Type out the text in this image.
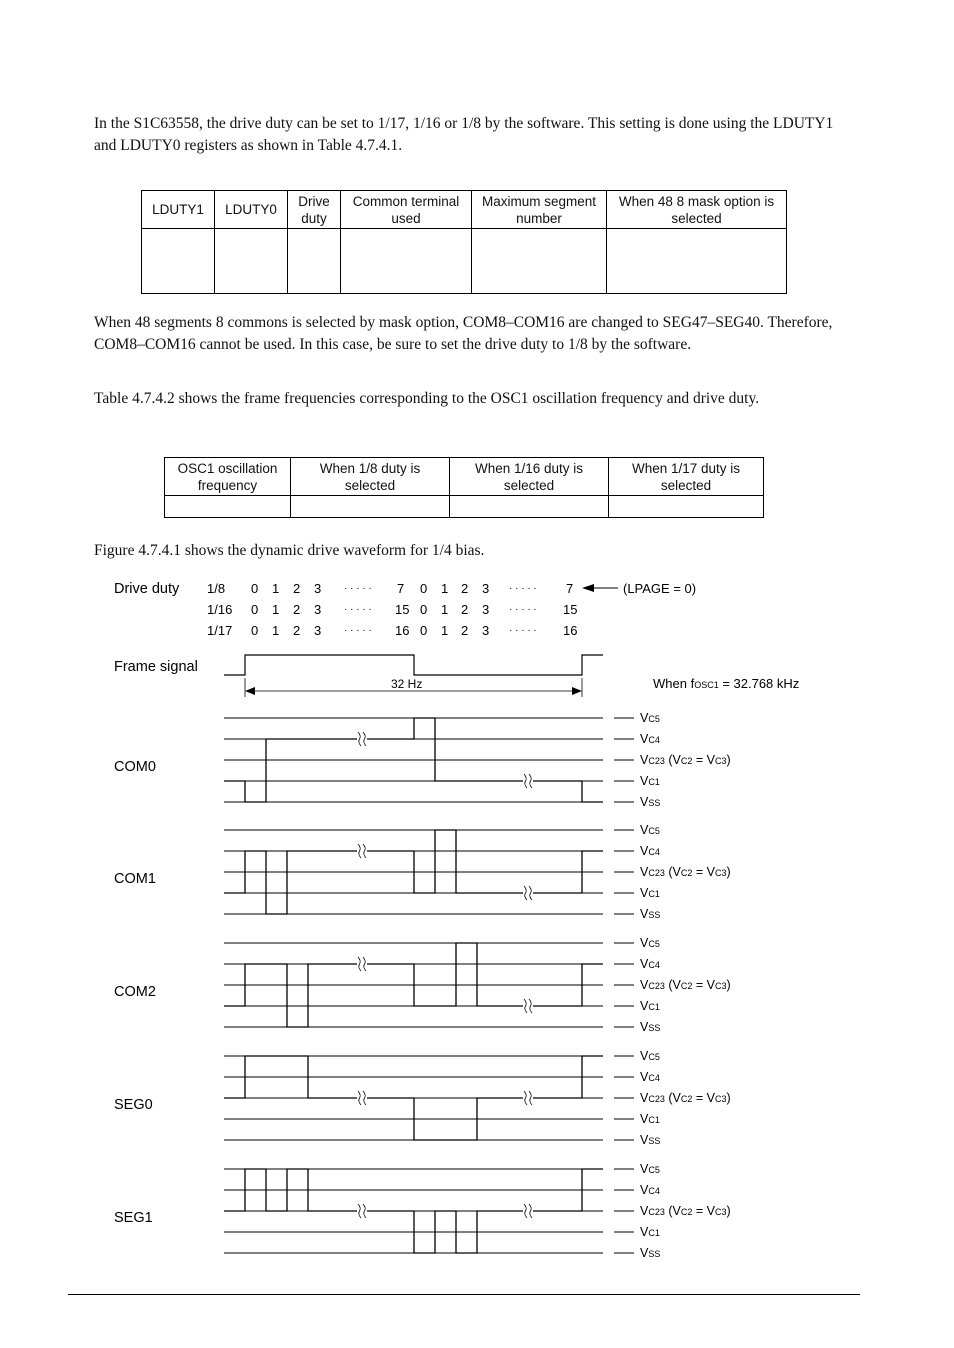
In the S1C63558, the drive duty can be set to 1/17, 1/16 or 1/8 by the software. This setting is done using the LDUTY1 and LDUTY0 registers as shown in Table 4.7.4.1.

LDUTY1	LDUTY0	Drive duty	Common terminal used	Maximum segment number	When 48 8 mask option is selected

When 48 segments 8 commons is selected by mask option, COM8–COM16 are changed to SEG47–SEG40. Therefore, COM8–COM16 cannot be used. In this case, be sure to set the drive duty to 1/8 by the software.

Table 4.7.4.2 shows the frame frequencies corresponding to the OSC1 oscillation frequency and drive duty.

OSC1 oscillation frequency	When 1/8 duty is selected	When 1/16 duty is selected	When 1/17 duty is selected

Figure 4.7.4.1 shows the dynamic drive waveform for 1/4 bias.

Drive duty 1/8 0 1 2 3 · · · · · 7 0 1 2 3 · · · · · 7
1/16 0 1 2 3 · · · · · 15 0 1 2 3 · · · · · 15
1/17 0 1 2 3 · · · · · 16 0 1 2 3 · · · · · 16
(LPAGE = 0)
Frame signal
32 Hz	When fOSC1 = 32.768 kHz
COM0
VC5
VC4
VC23 (VC2 = VC3)
VC1
VSS
COM1
VC5
VC4
VC23 (VC2 = VC3)
VC1
VSS
COM2
VC5
VC4
VC23 (VC2 = VC3)
VC1
VSS
SEG0
VC5
VC4
VC23 (VC2 = VC3)
VC1
VSS
SEG1
VC5
VC4
VC23 (VC2 = VC3)
VC1
VSS
